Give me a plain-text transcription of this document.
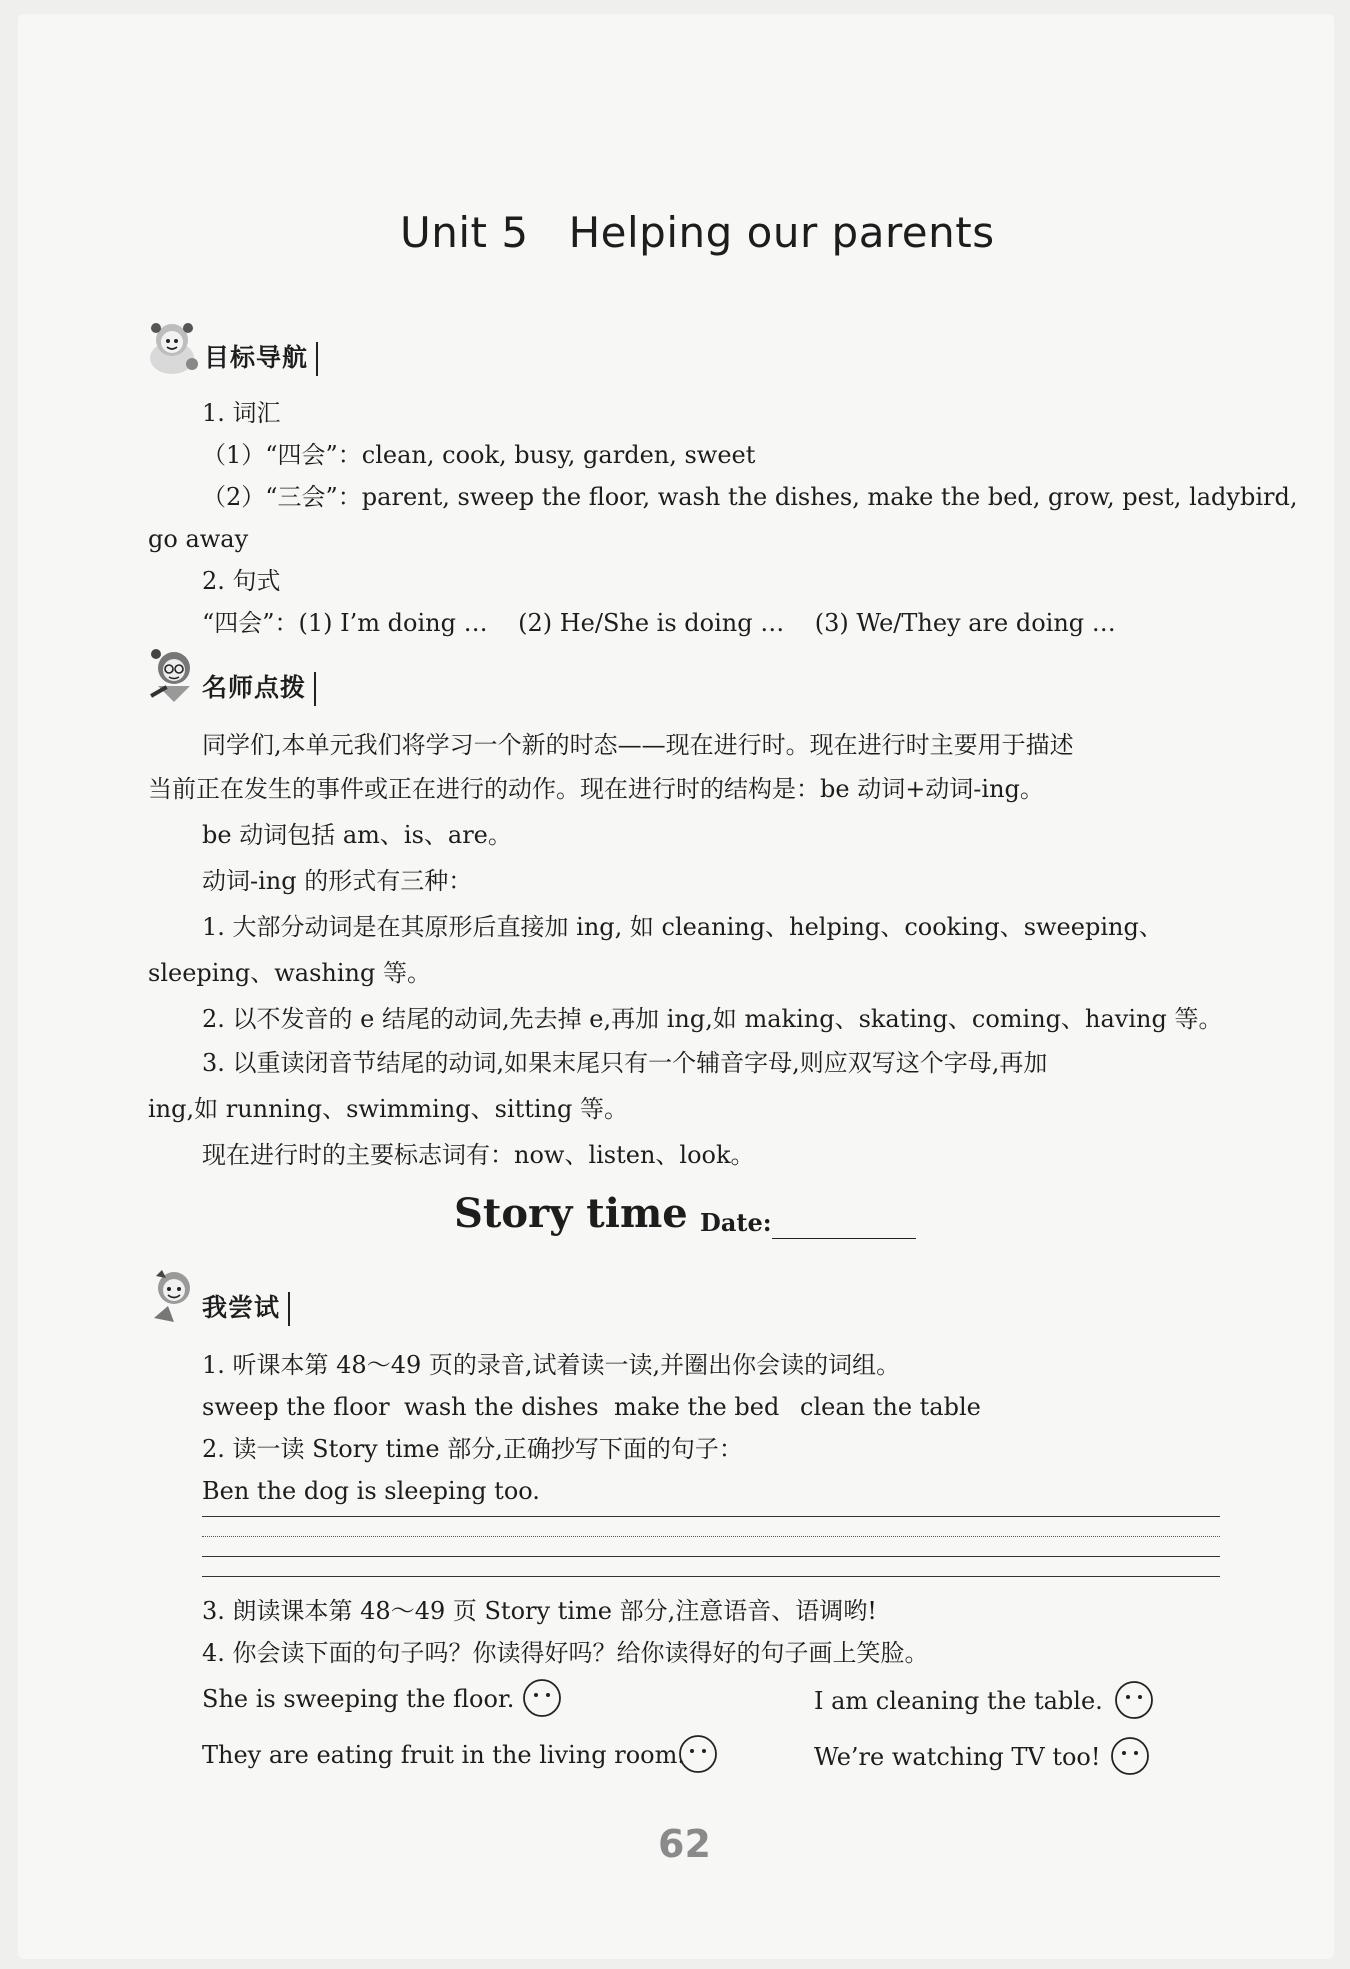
Unit 5 Helping our parents
目标导航
1. 词汇
（1）“四会”：clean, cook, busy, garden, sweet
（2）“三会”：parent, sweep the floor, wash the dishes, make the bed, grow, pest, ladybird,
go away
2. 句式
“四会”：(1) I’m doing …    (2) He/She is doing …    (3) We/They are doing …
名师点拨
同学们,本单元我们将学习一个新的时态——现在进行时。现在进行时主要用于描述
当前正在发生的事件或正在进行的动作。现在进行时的结构是：be 动词+动词-ing。
be 动词包括 am、is、are。
动词-ing 的形式有三种：
1. 大部分动词是在其原形后直接加 ing, 如 cleaning、helping、cooking、sweeping、
sleeping、washing 等。
2. 以不发音的 e 结尾的动词,先去掉 e,再加 ing,如 making、skating、coming、having 等。
3. 以重读闭音节结尾的动词,如果末尾只有一个辅音字母,则应双写这个字母,再加
ing,如 running、swimming、sitting 等。
现在进行时的主要标志词有：now、listen、look。
Story time Date:
我尝试
1. 听课本第 48～49 页的录音,试着读一读,并圈出你会读的词组。
sweep the floor wash the dishes make the bed clean the table
2. 读一读 Story time 部分,正确抄写下面的句子：
Ben the dog is sleeping too.
3. 朗读课本第 48～49 页 Story time 部分,注意语音、语调哟!
4. 你会读下面的句子吗？你读得好吗？给你读得好的句子画上笑脸。
She is sweeping the floor.	I am cleaning the table.
They are eating fruit in the living room.	We’re watching TV too!
62
